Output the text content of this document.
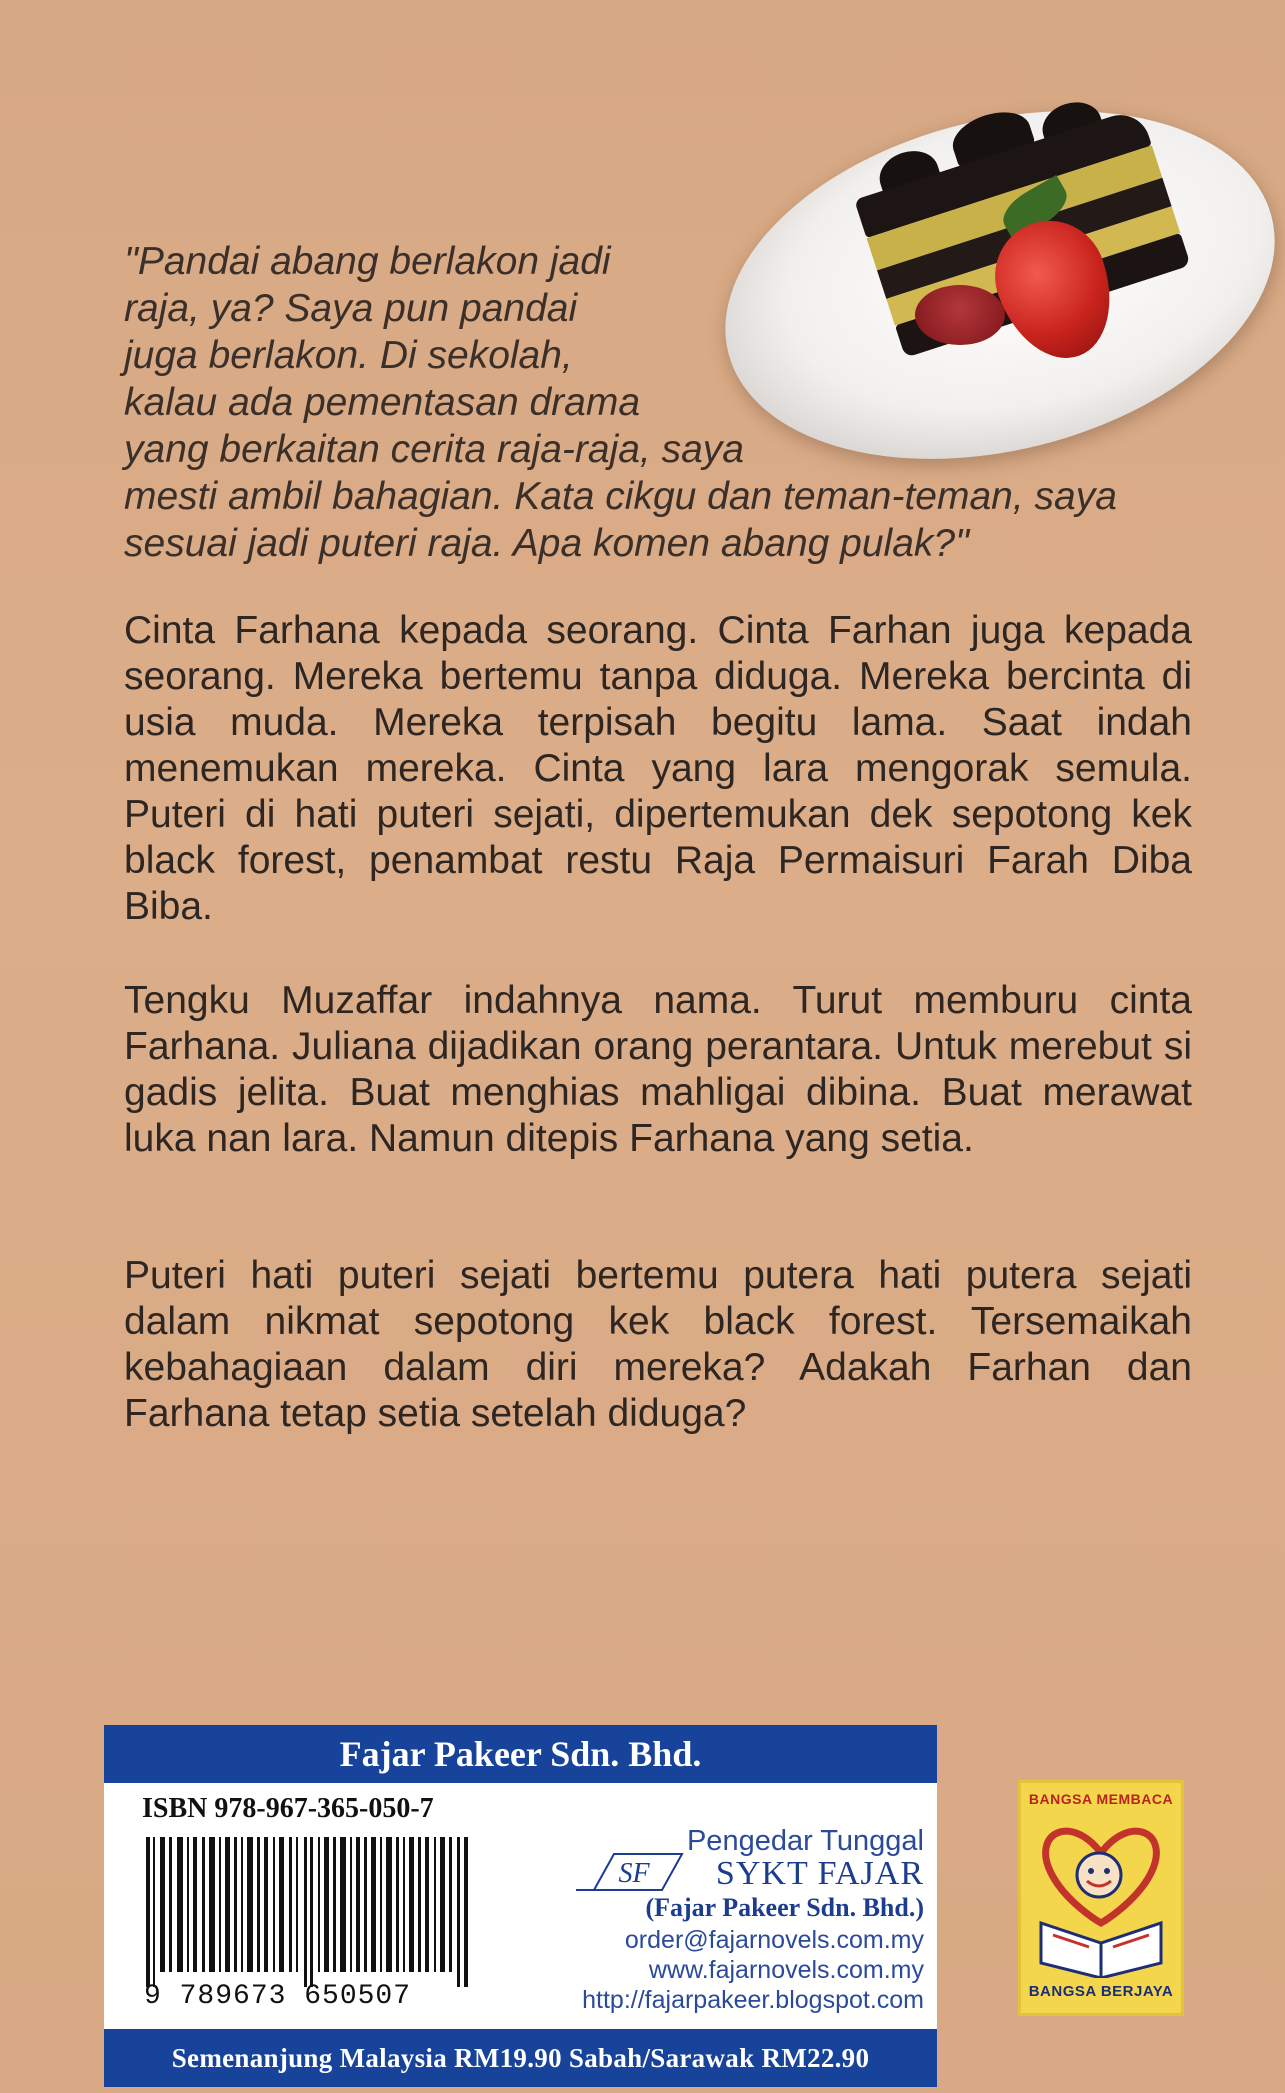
"Pandai abang berlakon jadi

raja, ya? Saya pun pandai

juga berlakon. Di sekolah,

kalau ada pementasan drama

yang berkaitan cerita raja-raja, saya

mesti ambil bahagian. Kata cikgu dan teman-teman, saya

sesuai jadi puteri raja. Apa komen abang pulak?"

Cinta Farhana kepada seorang. Cinta Farhan juga kepada seorang. Mereka bertemu tanpa diduga. Mereka bercinta di usia muda. Mereka terpisah begitu lama. Saat indah menemukan mereka. Cinta yang lara mengorak semula. Puteri di hati puteri sejati, dipertemukan dek sepotong kek black forest, penambat restu Raja Permaisuri Farah Diba Biba.

Tengku Muzaffar indahnya nama. Turut memburu cinta Farhana. Juliana dijadikan orang perantara. Untuk merebut si gadis jelita. Buat menghias mahligai dibina. Buat merawat luka nan lara. Namun ditepis Farhana yang setia.

Puteri hati puteri sejati bertemu putera hati putera sejati dalam nikmat sepotong kek black forest. Tersemaikah kebahagiaan dalam diri mereka? Adakah Farhan dan Farhana tetap setia setelah diduga?

Fajar Pakeer Sdn. Bhd.
ISBN 978-967-365-050-7
9 789673 650507
SF
Pengedar Tunggal
SYKT FAJAR
(Fajar Pakeer Sdn. Bhd.)
order@fajarnovels.com.my
www.fajarnovels.com.my
http://fajarpakeer.blogspot.com
Semenanjung Malaysia RM19.90 Sabah/Sarawak RM22.90
BANGSA MEMBACA
BANGSA BERJAYA
